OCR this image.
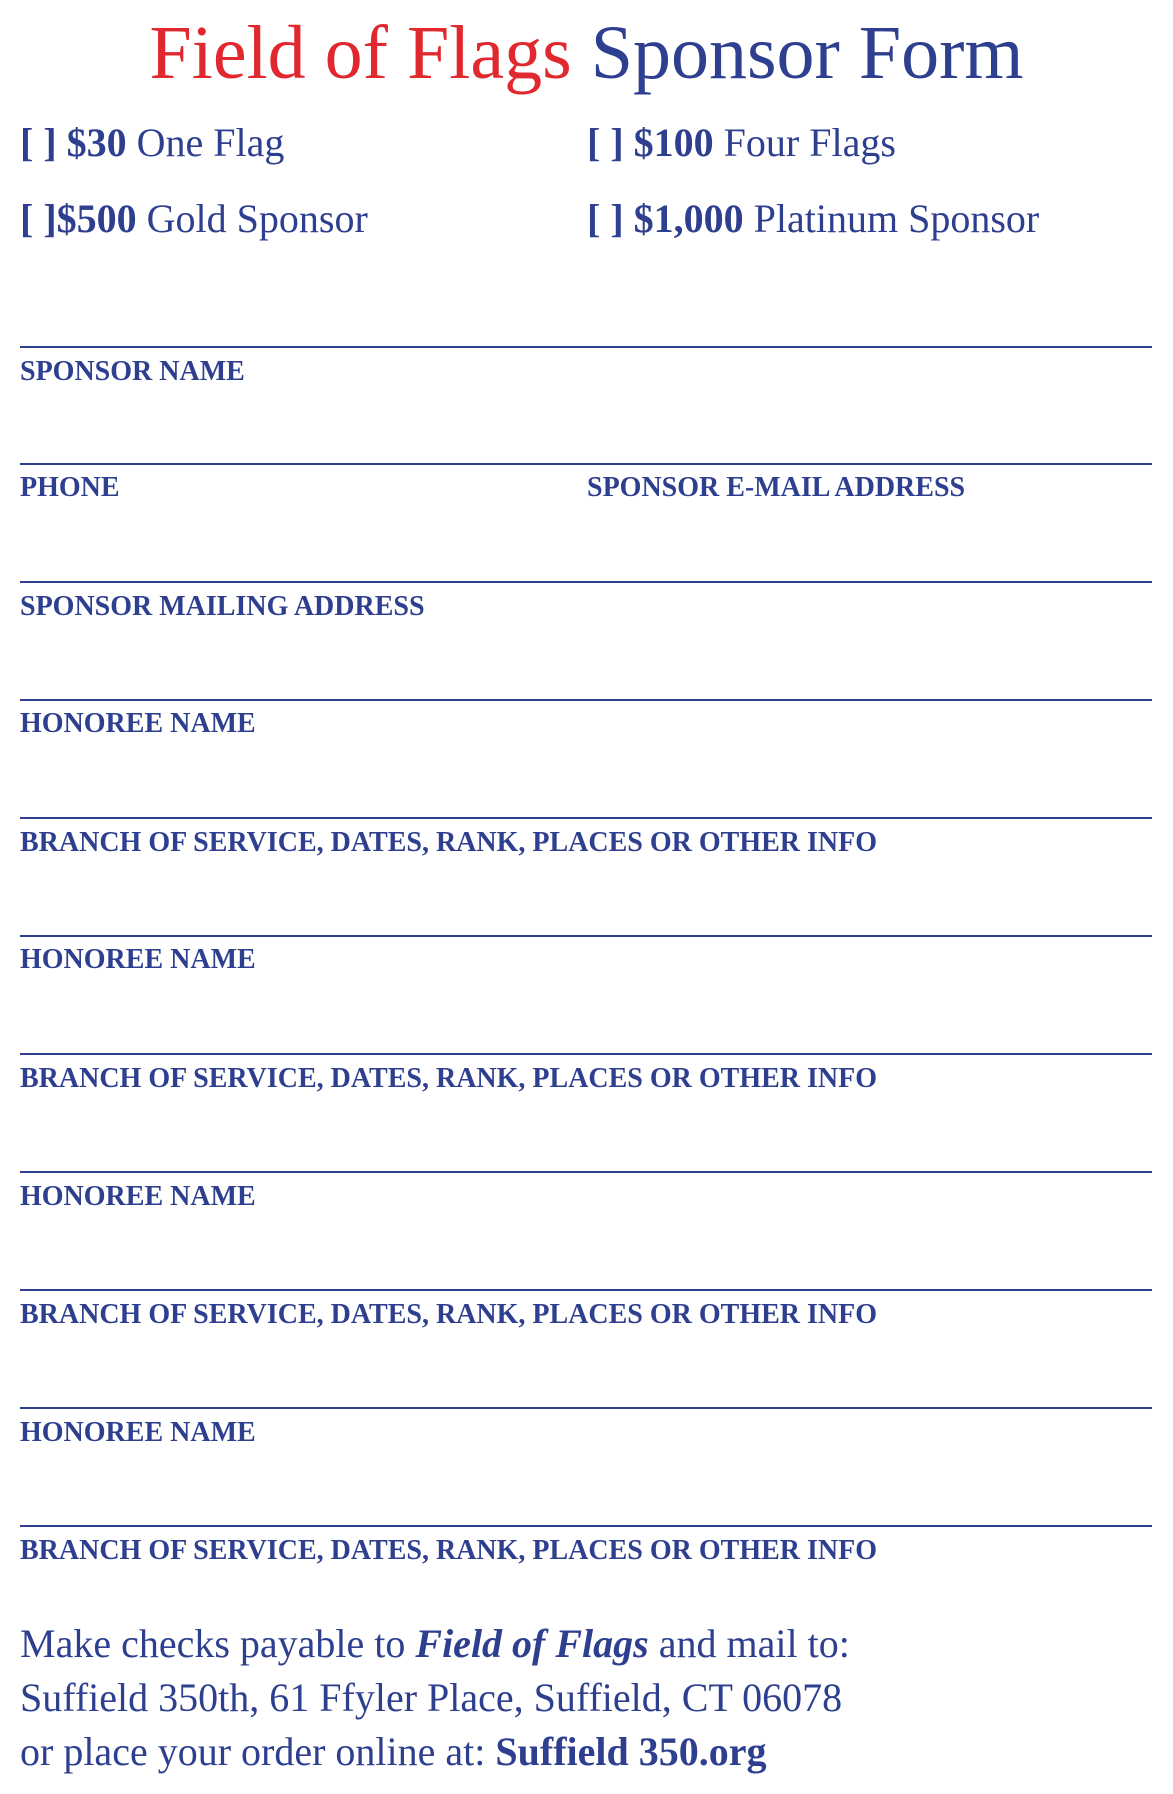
Field of Flags Sponsor Form
[ ] $30 One Flag	[ ] $100 Four Flags
[ ]$500 Gold Sponsor	[ ] $1,000 Platinum Sponsor
SPONSOR NAME
PHONE	SPONSOR E-MAIL ADDRESS
SPONSOR MAILING ADDRESS
HONOREE NAME
BRANCH OF SERVICE, DATES, RANK, PLACES OR OTHER INFO
HONOREE NAME
BRANCH OF SERVICE, DATES, RANK, PLACES OR OTHER INFO
HONOREE NAME
BRANCH OF SERVICE, DATES, RANK, PLACES OR OTHER INFO
HONOREE NAME
BRANCH OF SERVICE, DATES, RANK, PLACES OR OTHER INFO
Make checks payable to Field of Flags and mail to:
Suffield 350th, 61 Ffyler Place, Suffield, CT 06078
or place your order online at: Suffield 350.org
